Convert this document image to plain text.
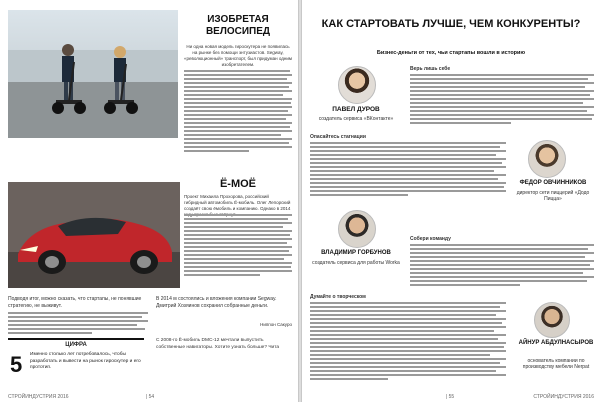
ИЗОБРЕТАЯ ВЕЛОСИПЕД
Ни одна новая модель гироскутера не появилась на рынке без помощи энтузиастов. Segway, «революционный» транспорт, был придуман одним изобретателем.
Ё-МОЁ
Проект Михаила Прохорова, российский гибридный автомобиль Ё-мобиль. Олег Лепорский создаёт свою ёмобиль и компанию. Однако в 2014
Подводя итог, можно сказать, что стартапы, не понявшие стратегию, не выживут.
В 2014 м состоялись и вложения компании Segway. Дмитрий Хозяинов сохранил собранные деньги.
Ниппон Сакуро
ЦИФРА
5 Именно столько лет потребовалось, чтобы разработать и вывести на рынок гироскутер и его прототип.
С 2008-го Ё-мобиль DMC-12 мечтали выпустить собственные навигаторы. Хотите узнать больше? Чита
| 54
СТРОЙИНДУСТРИЯ 2016
КАК СТАРТОВАТЬ ЛУЧШЕ, ЧЕМ КОНКУРЕНТЫ?
Бизнес-деньги от тех, чьи стартапы вошли в историю
ПАВЕЛ ДУРОВ
создатель сервиса «ВКонтакте»
Верь лишь себе
Опасайтесь стагнации
ФЕДОР ОВЧИННИКОВ
директор сети пиццерий «Додо Пицца»
ВЛАДИМИР ГОРБУНОВ
создатель сервиса для работы Worka
Собери команду
Думайте о творческом
АЙНУР АБДУЛНАСЫРОВ
основатель компании по производству мебели Nerpat
| 55	СТРОЙИНДУСТРИЯ 2016
